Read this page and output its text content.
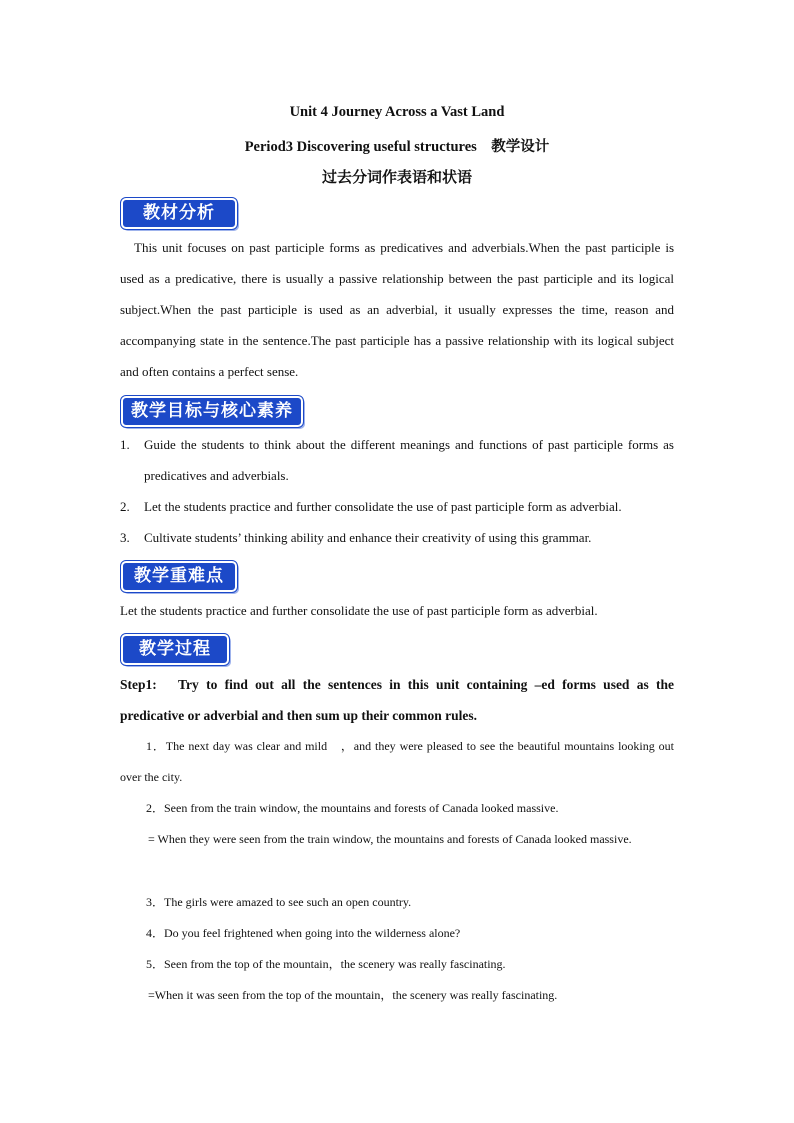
Unit 4 Journey Across a Vast Land
Period3 Discovering useful structures　教学设计
过去分词作表语和状语
教材分析

This unit focuses on past participle forms as predicatives and adverbials.When the past participle is used as a predicative, there is usually a passive relationship between the past participle and its logical subject.When the past participle is used as an adverbial, it usually expresses the time, reason and accompanying state in the sentence.The past participle has a passive relationship with its logical subject and often contains a perfect sense.

教学目标与核心素养
1.	Guide the students to think about the different meanings and functions of past participle forms as predicatives and adverbials.
2.	Let the students practice and further consolidate the use of past participle form as adverbial.
3.	Cultivate students’ thinking ability and enhance their creativity of using this grammar.
教学重难点
Let the students practice and further consolidate the use of past participle form as adverbial.
教学过程
Step1:　Try to find out all the sentences in this unit containing –ed forms used as the predicative or adverbial and then sum up their common rules.
1．The next day was clear and mild　，and they were pleased to see the beautiful mountains looking out over the city.
2．Seen from the train window, the mountains and forests of Canada looked massive.
= When they were seen from the train window, the mountains and forests of Canada looked massive.
3．The girls were amazed to see such an open country.
4．Do you feel frightened when going into the wilderness alone?
5．Seen from the top of the mountain，the scenery was really fascinating.
=When it was seen from the top of the mountain，the scenery was really fascinating.
